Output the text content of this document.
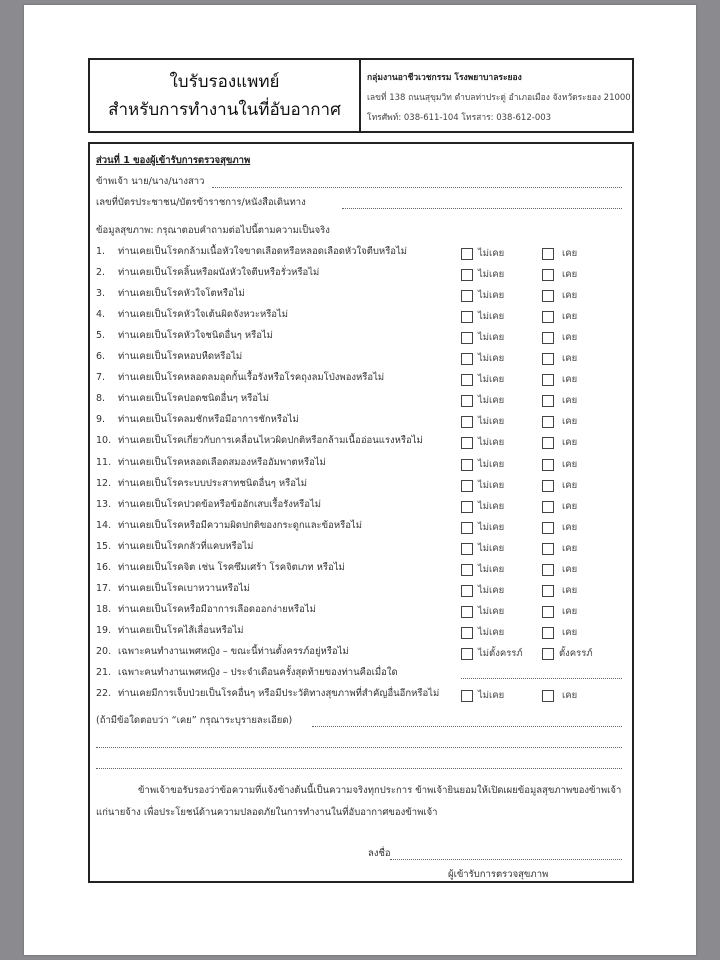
ใบรับรองแพทย์
สำหรับการทำงานในที่อับอากาศ
กลุ่มงานอาชีวเวชกรรม โรงพยาบาลระยอง
เลขที่ 138 ถนนสุขุมวิท ตำบลท่าประดู่ อำเภอเมือง จังหวัดระยอง 21000
โทรศัพท์: 038-611-104 โทรสาร: 038-612-003
ส่วนที่ 1 ของผู้เข้ารับการตรวจสุขภาพ
ข้าพเจ้า นาย/นาง/นางสาว
เลขที่บัตรประชาชน/บัตรข้าราชการ/หนังสือเดินทาง
ข้อมูลสุขภาพ: กรุณาตอบคำถามต่อไปนี้ตามความเป็นจริง
1. ท่านเคยเป็นโรคกล้ามเนื้อหัวใจขาดเลือดหรือหลอดเลือดหัวใจตีบหรือไม่	ไม่เคย	เคย
2. ท่านเคยเป็นโรคลิ้นหรือผนังหัวใจตีบหรือรั่วหรือไม่	ไม่เคย	เคย
3. ท่านเคยเป็นโรคหัวใจโตหรือไม่	ไม่เคย	เคย
4. ท่านเคยเป็นโรคหัวใจเต้นผิดจังหวะหรือไม่	ไม่เคย	เคย
5. ท่านเคยเป็นโรคหัวใจชนิดอื่นๆ หรือไม่	ไม่เคย	เคย
6. ท่านเคยเป็นโรคหอบหืดหรือไม่	ไม่เคย	เคย
7. ท่านเคยเป็นโรคหลอดลมอุดกั้นเรื้อรังหรือโรคถุงลมโป่งพองหรือไม่	ไม่เคย	เคย
8. ท่านเคยเป็นโรคปอดชนิดอื่นๆ หรือไม่	ไม่เคย	เคย
9. ท่านเคยเป็นโรคลมชักหรือมีอาการชักหรือไม่	ไม่เคย	เคย
10. ท่านเคยเป็นโรคเกี่ยวกับการเคลื่อนไหวผิดปกติหรือกล้ามเนื้ออ่อนแรงหรือไม่	ไม่เคย	เคย
11. ท่านเคยเป็นโรคหลอดเลือดสมองหรืออัมพาตหรือไม่	ไม่เคย	เคย
12. ท่านเคยเป็นโรคระบบประสาทชนิดอื่นๆ หรือไม่	ไม่เคย	เคย
13. ท่านเคยเป็นโรคปวดข้อหรือข้ออักเสบเรื้อรังหรือไม่	ไม่เคย	เคย
14. ท่านเคยเป็นโรคหรือมีความผิดปกติของกระดูกและข้อหรือไม่	ไม่เคย	เคย
15. ท่านเคยเป็นโรคกลัวที่แคบหรือไม่	ไม่เคย	เคย
16. ท่านเคยเป็นโรคจิต เช่น โรคซึมเศร้า โรคจิตเภท หรือไม่	ไม่เคย	เคย
17. ท่านเคยเป็นโรคเบาหวานหรือไม่	ไม่เคย	เคย
18. ท่านเคยเป็นโรคหรือมีอาการเลือดออกง่ายหรือไม่	ไม่เคย	เคย
19. ท่านเคยเป็นโรคไส้เลื่อนหรือไม่	ไม่เคย	เคย
20. เฉพาะคนทำงานเพศหญิง – ขณะนี้ท่านตั้งครรภ์อยู่หรือไม่	ไม่ตั้งครรภ์	ตั้งครรภ์
21. เฉพาะคนทำงานเพศหญิง – ประจำเดือนครั้งสุดท้ายของท่านคือเมื่อใด
22. ท่านเคยมีการเจ็บป่วยเป็นโรคอื่นๆ หรือมีประวัติทางสุขภาพที่สำคัญอื่นอีกหรือไม่	ไม่เคย	เคย
(ถ้ามีข้อใดตอบว่า “เคย” กรุณาระบุรายละเอียด)
ข้าพเจ้าขอรับรองว่าข้อความที่แจ้งข้างต้นนี้เป็นความจริงทุกประการ ข้าพเจ้ายินยอมให้เปิดเผยข้อมูลสุขภาพของข้าพเจ้า
แก่นายจ้าง เพื่อประโยชน์ด้านความปลอดภัยในการทำงานในที่อับอากาศของข้าพเจ้า
ลงชื่อ
ผู้เข้ารับการตรวจสุขภาพ
